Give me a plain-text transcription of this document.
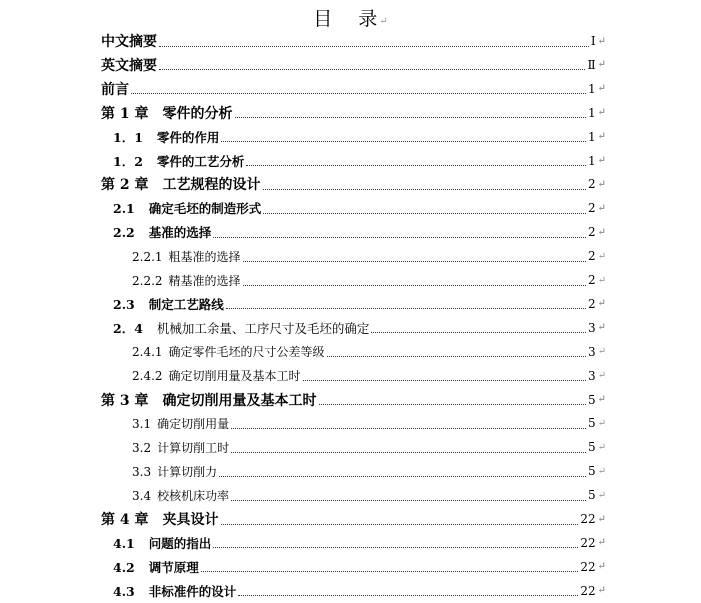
目 录 ↵
中文摘要	Ⅰ ↵
英文摘要	Ⅱ ↵
前言	1 ↵
第 1 章 零件的分析	1 ↵
1．1 零件的作用	1 ↵
1．2 零件的工艺分析	1 ↵
第 2 章 工艺规程的设计	2 ↵
2.1 确定毛坯的制造形式	2 ↵
2.2 基准的选择	2 ↵
2.2.1 粗基准的选择	2 ↵
2.2.2 精基准的选择	2 ↵
2.3 制定工艺路线	2 ↵
2．4 机械加工余量、工序尺寸及毛坯的确定	3 ↵
2.4.1 确定零件毛坯的尺寸公差等级	3 ↵
2.4.2 确定切削用量及基本工时	3 ↵
第 3 章 确定切削用量及基本工时	5 ↵
3.1 确定切削用量	5 ↵
3.2 计算切削工时	5 ↵
3.3 计算切削力	5 ↵
3.4 校核机床功率	5 ↵
第 4 章 夹具设计	22 ↵
4.1 问题的指出	22 ↵
4.2 调节原理	22 ↵
4.3 非标准件的设计	22 ↵
